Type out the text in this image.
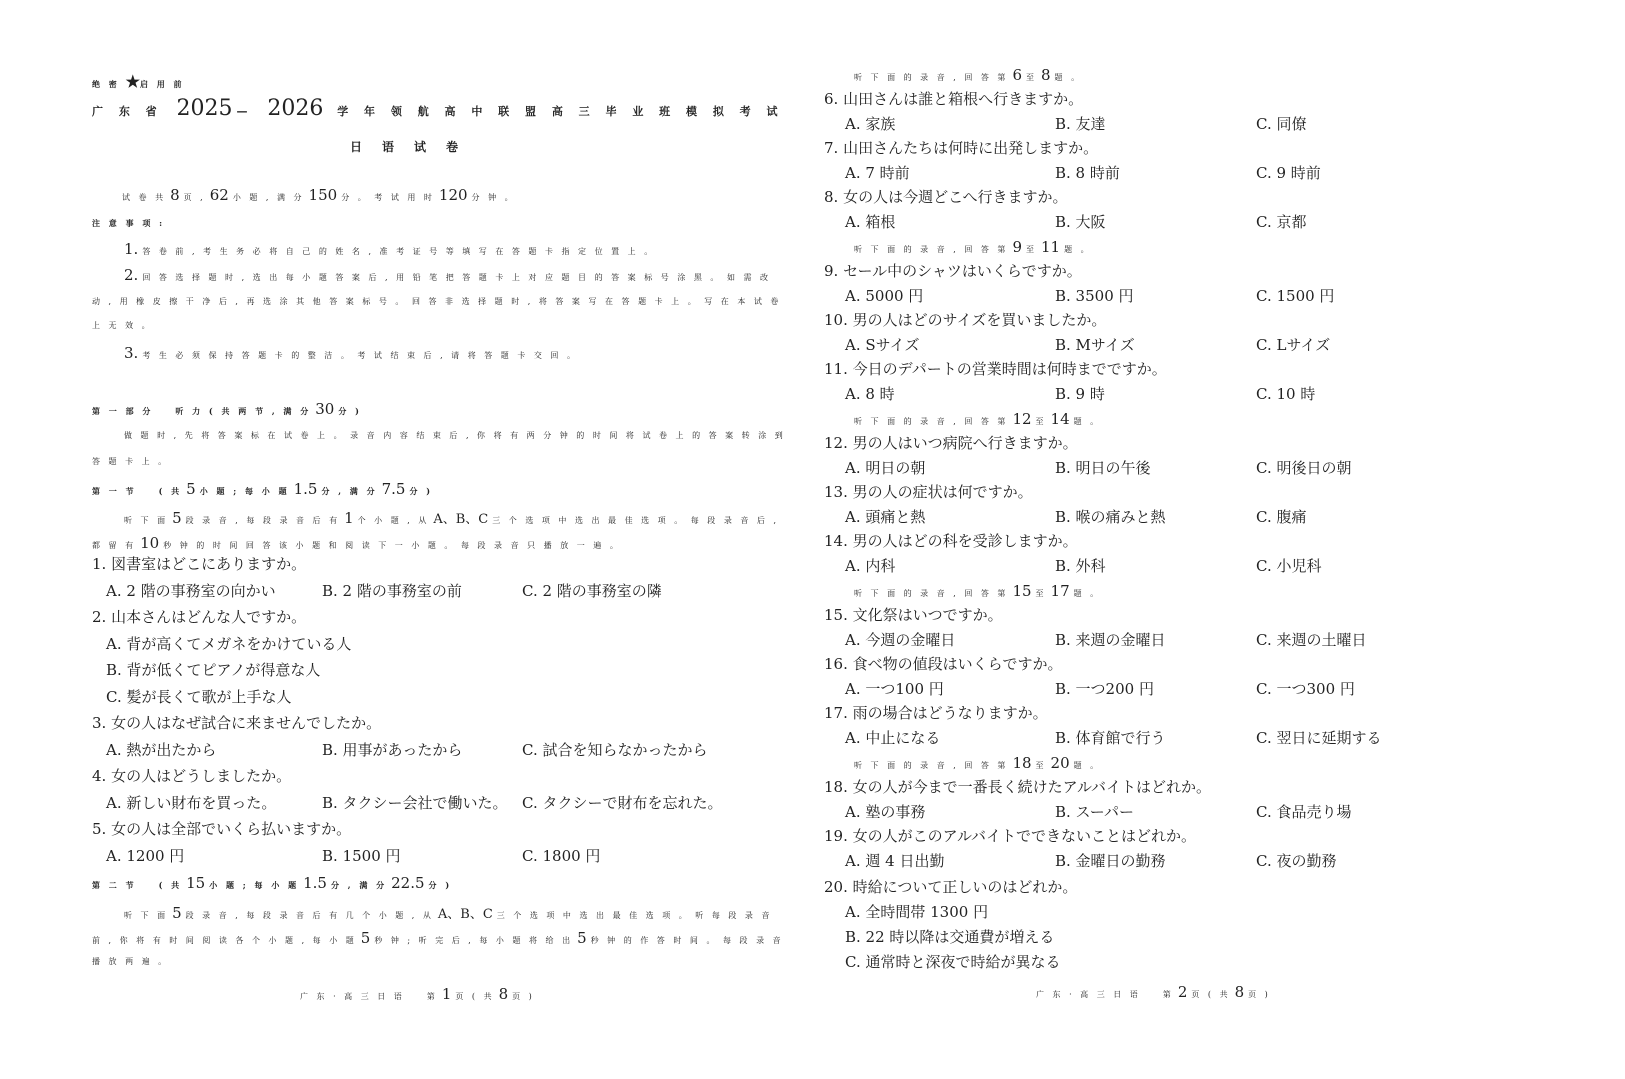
绝 密 ★启 用 前
广 东 省 2025 — 2026 学 年 领 航 高 中 联 盟 高 三 毕 业 班 模 拟 考 试
日　语　试　卷
试 卷 共 8 页 , 62 小 题 , 满 分 150 分 。 考 试 用 时 120 分 钟 。
注 意 事 项 :
1. 答 卷 前 , 考 生 务 必 将 自 己 的 姓 名 , 准 考 证 号 等 填 写 在 答 题 卡 指 定 位 置 上 。
2. 回 答 选 择 题 时 , 选 出 每 小 题 答 案 后 , 用 铅 笔 把 答 题 卡 上 对 应 题 目 的 答 案 标 号 涂 黑 。 如 需 改
动 , 用 橡 皮 擦 干 净 后 , 再 选 涂 其 他 答 案 标 号 。 回 答 非 选 择 题 时 , 将 答 案 写 在 答 题 卡 上 。 写 在 本 试 卷
上 无 效 。
3. 考 生 必 须 保 持 答 题 卡 的 整 洁 。 考 试 结 束 后 , 请 将 答 题 卡 交 回 。
第 一 部 分　　听 力 ( 共 两 节 , 满 分 30 分 )
做 题 时 , 先 将 答 案 标 在 试 卷 上 。 录 音 内 容 结 束 后 , 你 将 有 两 分 钟 的 时 间 将 试 卷 上 的 答 案 转 涂 到
答 题 卡 上 。
第 一 节　　( 共 5 小 题 ; 每 小 题 1.5 分 , 满 分 7.5 分 )
听 下 面 5 段 录 音 , 每 段 录 音 后 有 1 个 小 题 , 从 A、B、C 三 个 选 项 中 选 出 最 佳 选 项 。 每 段 录 音 后 ,
都 留 有 10 秒 钟 的 时 间 回 答 该 小 题 和 阅 读 下 一 小 题 。 每 段 录 音 只 播 放 一 遍 。
1. 図書室はどこにありますか。
A. 2 階の事務室の向かい	B. 2 階の事務室の前	C. 2 階の事務室の隣
2. 山本さんはどんな人ですか。
A. 背が高くてメガネをかけている人
B. 背が低くてピアノが得意な人
C. 髪が長くて歌が上手な人
3. 女の人はなぜ試合に来ませんでしたか。
A. 熱が出たから	B. 用事があったから	C. 試合を知らなかったから
4. 女の人はどうしましたか。
A. 新しい財布を買った。	B. タクシー会社で働いた。 C. タクシーで財布を忘れた。
5. 女の人は全部でいくら払いますか。
A. 1200 円	B. 1500 円	C. 1800 円
第 二 节　　( 共 15 小 题 ; 每 小 题 1.5 分 , 满 分 22.5 分 )
听 下 面 5 段 录 音 , 每 段 录 音 后 有 几 个 小 题 , 从 A、B、C 三 个 选 项 中 选 出 最 佳 选 项 。 听 每 段 录 音
前 , 你 将 有 时 间 阅 读 各 个 小 题 , 每 小 题 5 秒 钟 ; 听 完 后 , 每 小 题 将 给 出 5 秒 钟 的 作 答 时 间 。 每 段 录 音
播 放 两 遍 。
广 东 · 高 三 日 语　　第 1 页 ( 共 8 页 )
听 下 面 的 录 音 , 回 答 第 6 至 8 题 。
6. 山田さんは誰と箱根へ行きますか。
A. 家族	B. 友達	C. 同僚
7. 山田さんたちは何時に出発しますか。
A. 7 時前	B. 8 時前	C. 9 時前
8. 女の人は今週どこへ行きますか。
A. 箱根	B. 大阪	C. 京都
听 下 面 的 录 音 , 回 答 第 9 至 11 题 。
9. セール中のシャツはいくらですか。
A. 5000 円	B. 3500 円	C. 1500 円
10. 男の人はどのサイズを買いましたか。
A. Sサイズ	B. Mサイズ	C. Lサイズ
11. 今日のデパートの営業時間は何時までですか。
A. 8 時	B. 9 時	C. 10 時
听 下 面 的 录 音 , 回 答 第 12 至 14 题 。
12. 男の人はいつ病院へ行きますか。
A. 明日の朝	B. 明日の午後	C. 明後日の朝
13. 男の人の症状は何ですか。
A. 頭痛と熱	B. 喉の痛みと熱	C. 腹痛
14. 男の人はどの科を受診しますか。
A. 内科	B. 外科	C. 小児科
听 下 面 的 录 音 , 回 答 第 15 至 17 题 。
15. 文化祭はいつですか。
A. 今週の金曜日	B. 来週の金曜日	C. 来週の土曜日
16. 食べ物の値段はいくらですか。
A. 一つ100 円	B. 一つ200 円	C. 一つ300 円
17. 雨の場合はどうなりますか。
A. 中止になる	B. 体育館で行う	C. 翌日に延期する
听 下 面 的 录 音 , 回 答 第 18 至 20 题 。
18. 女の人が今まで一番長く続けたアルバイトはどれか。
A. 塾の事務	B. スーパー	C. 食品売り場
19. 女の人がこのアルバイトでできないことはどれか。
A. 週 4 日出勤	B. 金曜日の勤務	C. 夜の勤務
20. 時給について正しいのはどれか。
A. 全時間帯 1300 円
B. 22 時以降は交通費が増える
C. 通常時と深夜で時給が異なる
广 东 · 高 三 日 语　　第 2 页 ( 共 8 页 )
